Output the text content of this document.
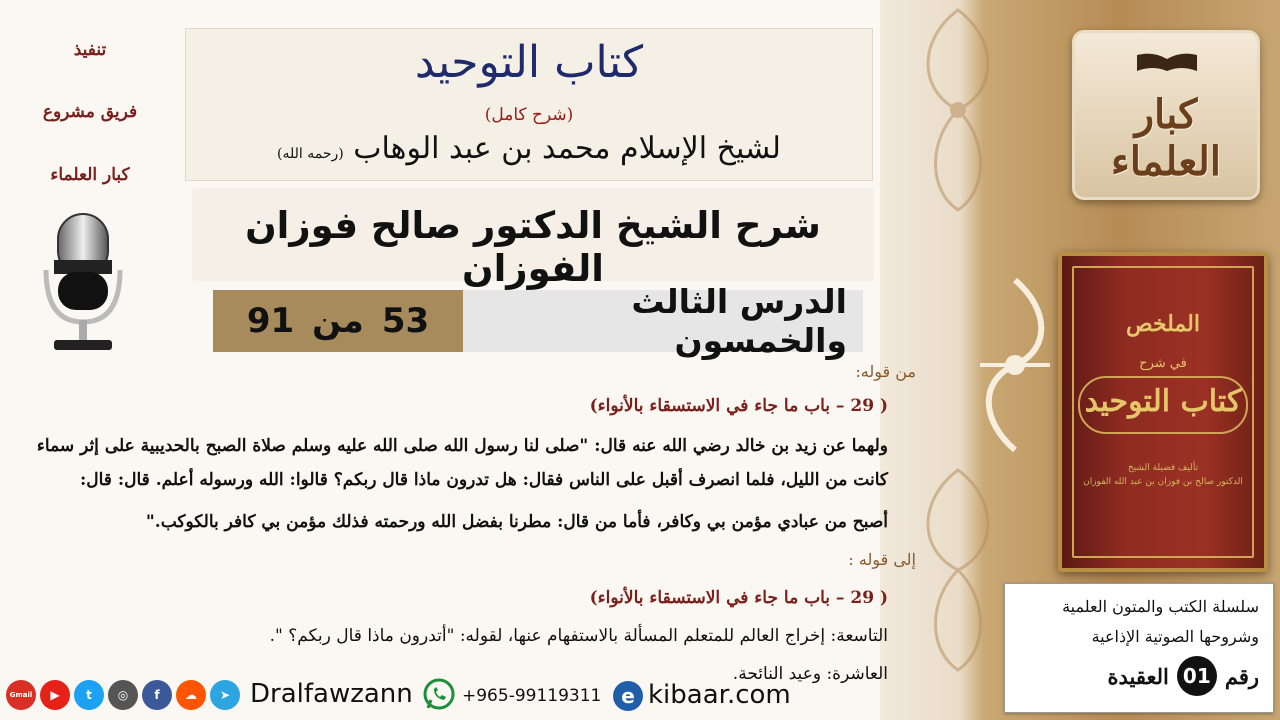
كبار العلماء
الملخص
في شرح
كتاب التوحيد
تأليف فضيلة الشيخ
الدكتور صالح بن فوزان بن عبد الله الفوزان
سلسلة الكتب والمتون العلمية
وشروحها الصوتية الإذاعية
رقم
01
العقيدة
تنفيذ
فريق مشروع
كبار العلماء
كتاب التوحيد
(شرح كامل)
لشيخ الإسلام محمد بن عبد الوهاب (رحمه الله)
شرح الشيخ الدكتور صالح فوزان الفوزان
53
من
91	الدرس الثالث والخمسون
من قوله:
( 29 – باب ما جاء في الاستسقاء بالأنواء)
ولهما عن زيد بن خالد رضي الله عنه قال: "صلى لنا رسول الله صلى الله عليه وسلم صلاة الصبح بالحديبية على إثر سماء
كانت من الليل، فلما انصرف أقبل على الناس فقال: هل تدرون ماذا قال ربكم؟ قالوا: الله ورسوله أعلم. قال: قال:
أصبح من عبادي مؤمن بي وكافر، فأما من قال: مطرنا بفضل الله ورحمته فذلك مؤمن بي كافر بالكوكب."
إلى قوله :
( 29 – باب ما جاء في الاستسقاء بالأنواء)
التاسعة: إخراج العالم للمتعلم المسألة بالاستفهام عنها، لقوله: "أتدرون ماذا قال ربكم؟ ".
العاشرة: وعيد النائحة.
Gmail ▶ t ◎ f ☁ ➤ Dralfawzann	+965-99119311 e kibaar.com
